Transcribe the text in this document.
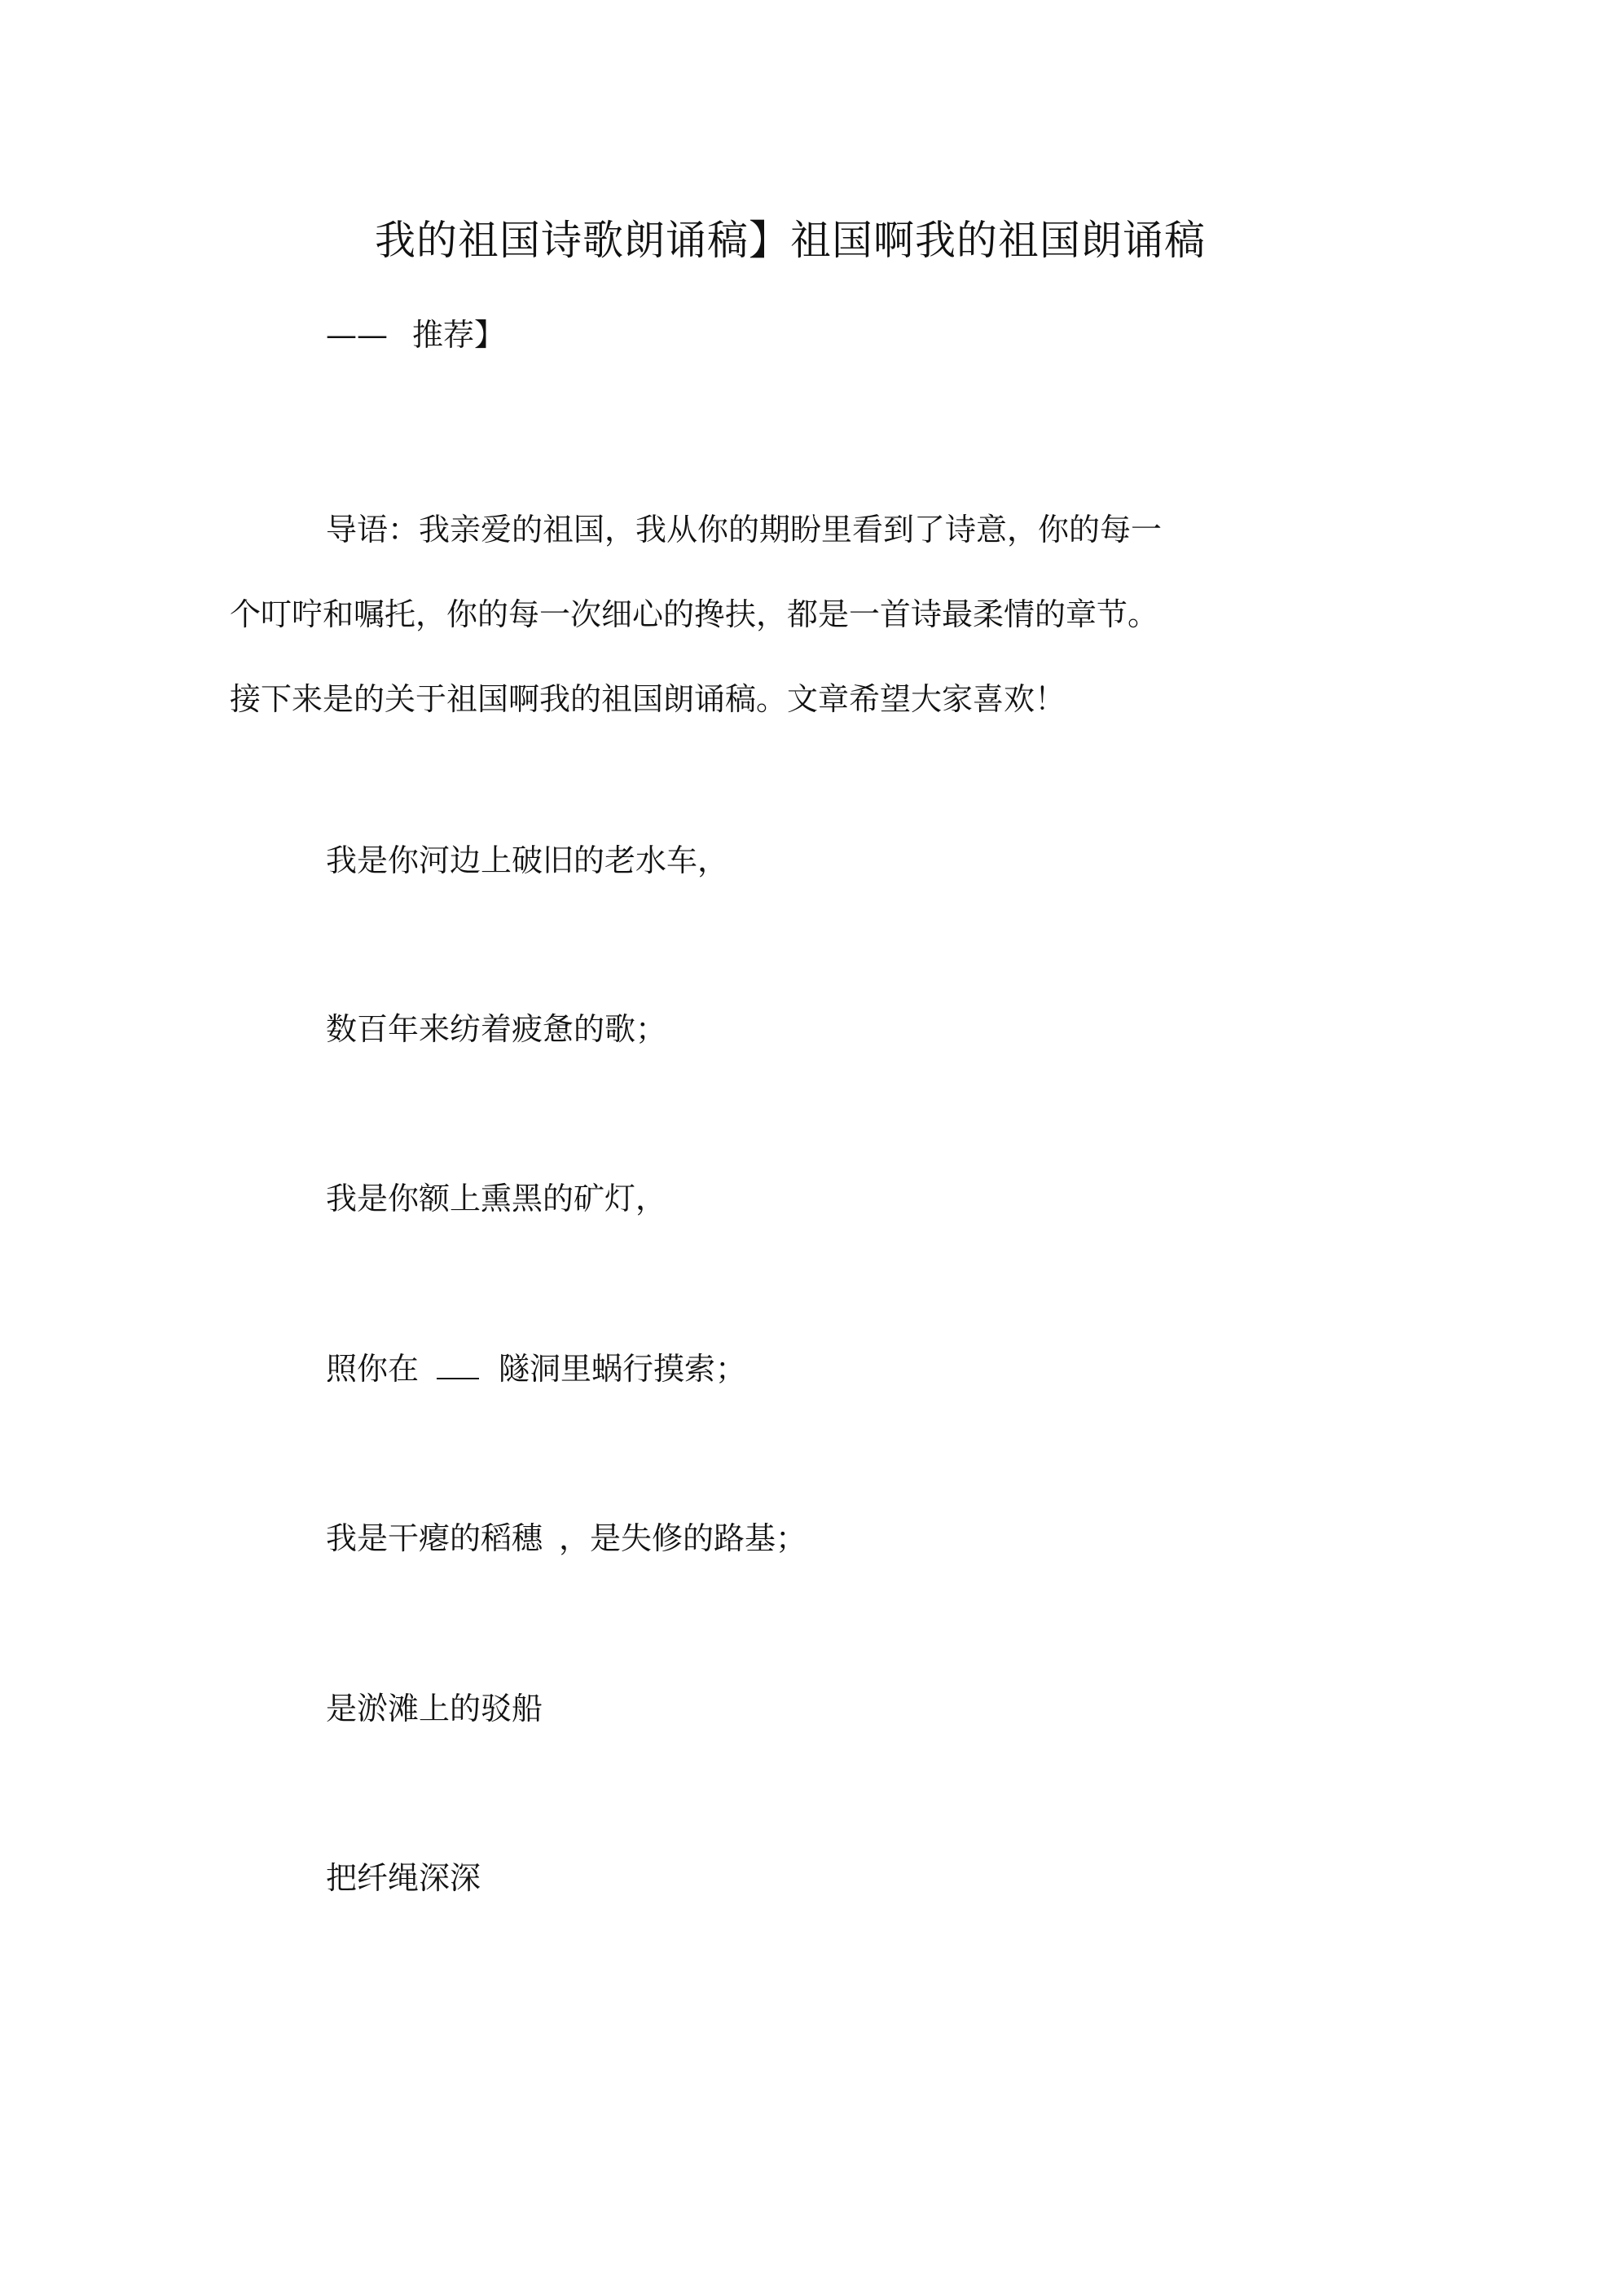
我的祖国诗歌朗诵稿】祖国啊我的祖国朗诵稿
—— 推荐】
导语：我亲爱的祖国，我从你的期盼里看到了诗意，你的每一
个叮咛和嘱托，你的每一次细心的搀扶，都是一首诗最柔情的章节。
接下来是的关于祖国啊我的祖国朗诵稿。文章希望大家喜欢！
我是你河边上破旧的老水车，
数百年来纺着疲惫的歌；
我是你额上熏黑的矿灯，
照你在	隧洞里蜗行摸索；
我是干瘪的稻穗 ，是失修的路基；
是淤滩上的驳船
把纤绳深深
